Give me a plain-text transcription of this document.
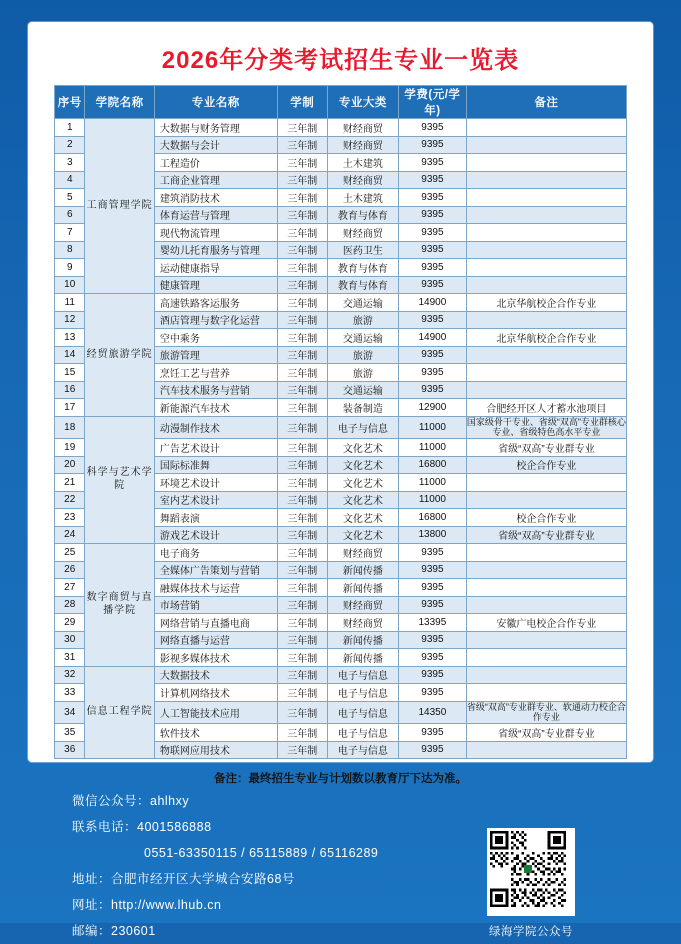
2026年分类考试招生专业一览表
序号	学院名称	专业名称	学制	专业大类	学费(元/学年)	备注
1	工商管理学院	大数据与财务管理	三年制	财经商贸	9395	
2		大数据与会计	三年制	财经商贸	9395	
3		工程造价	三年制	土木建筑	9395	
4		工商企业管理	三年制	财经商贸	9395	
5		建筑消防技术	三年制	土木建筑	9395	
6		体育运营与管理	三年制	教育与体育	9395	
7		现代物流管理	三年制	财经商贸	9395	
8		婴幼儿托育服务与管理	三年制	医药卫生	9395	
9		运动健康指导	三年制	教育与体育	9395	
10		健康管理	三年制	教育与体育	9395	
11	经贸旅游学院	高速铁路客运服务	三年制	交通运输	14900	北京华航校企合作专业
12		酒店管理与数字化运营	三年制	旅游	9395	
13		空中乘务	三年制	交通运输	14900	北京华航校企合作专业
14		旅游管理	三年制	旅游	9395	
15		烹饪工艺与营养	三年制	旅游	9395	
16		汽车技术服务与营销	三年制	交通运输	9395	
17		新能源汽车技术	三年制	装备制造	12900	合肥经开区人才蓄水池项目
18	科学与艺术学院	动漫制作技术	三年制	电子与信息	11000	国家级骨干专业、省级“双高”专业群核心专业、省级特色高水平专业
19		广告艺术设计	三年制	文化艺术	11000	省级“双高”专业群专业
20		国际标准舞	三年制	文化艺术	16800	校企合作专业
21		环境艺术设计	三年制	文化艺术	11000	
22		室内艺术设计	三年制	文化艺术	11000	
23		舞蹈表演	三年制	文化艺术	16800	校企合作专业
24		游戏艺术设计	三年制	文化艺术	13800	省级“双高”专业群专业
25	数字商贸与直播学院	电子商务	三年制	财经商贸	9395	
26		全媒体广告策划与营销	三年制	新闻传播	9395	
27		融媒体技术与运营	三年制	新闻传播	9395	
28		市场营销	三年制	财经商贸	9395	
29		网络营销与直播电商	三年制	财经商贸	13395	安徽广电校企合作专业
30		网络直播与运营	三年制	新闻传播	9395	
31		影视多媒体技术	三年制	新闻传播	9395	
32	信息工程学院	大数据技术	三年制	电子与信息	9395	
33		计算机网络技术	三年制	电子与信息	9395	
34		人工智能技术应用	三年制	电子与信息	14350	省级“双高”专业群专业、软通动力校企合作专业
35		软件技术	三年制	电子与信息	9395	省级“双高”专业群专业
36		物联网应用技术	三年制	电子与信息	9395	
备注：最终招生专业与计划数以教育厅下达为准。
微信公众号：ahlhxy
联系电话：4001586888
0551-63350115 / 65115889 / 65116289
地址：合肥市经开区大学城合安路68号
网址：http://www.lhub.cn
邮编：230601	绿海学院公众号
